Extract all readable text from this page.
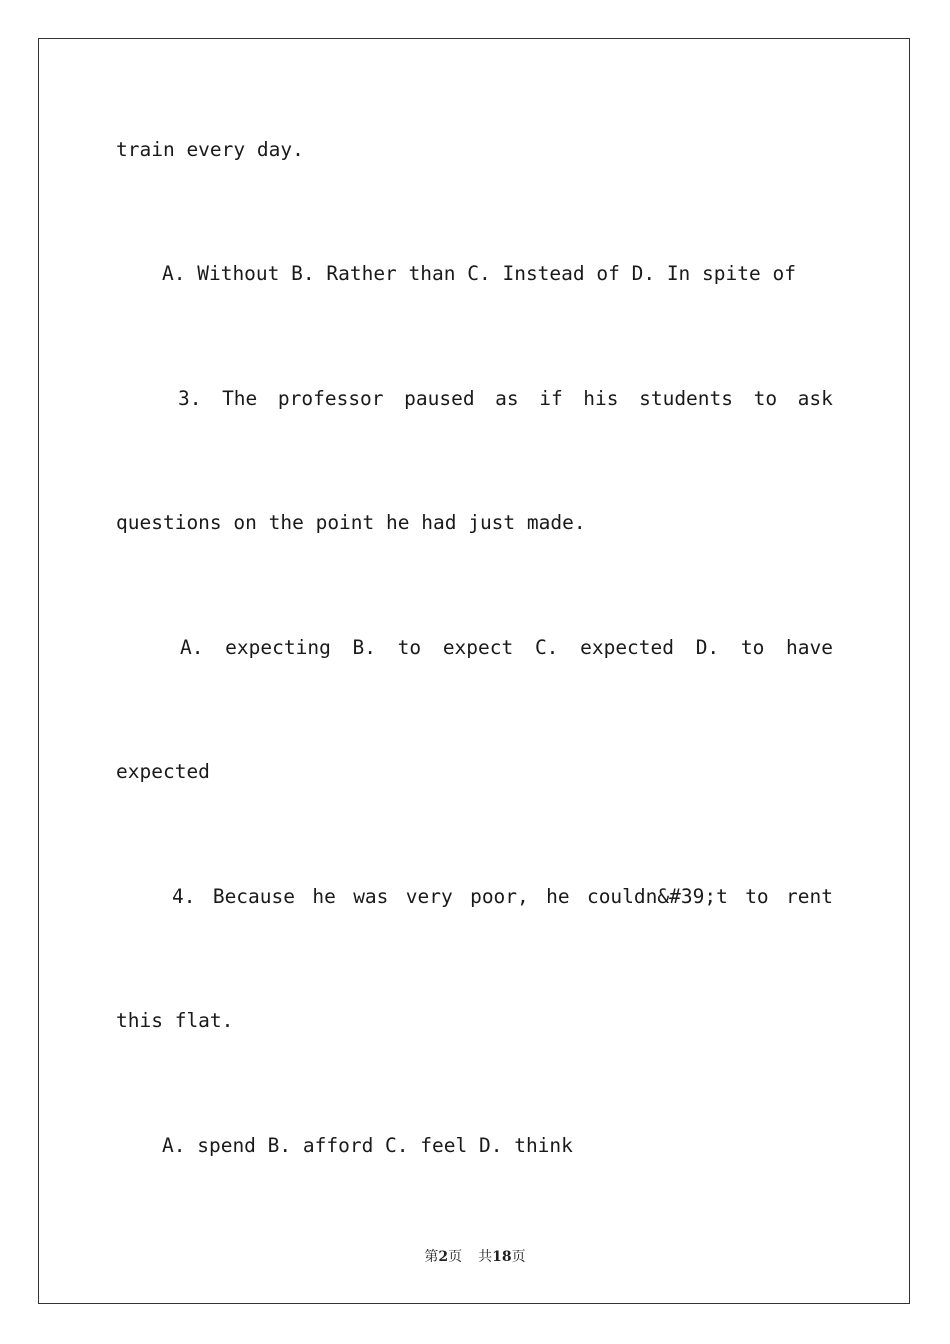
train every day.
A. Without B. Rather than C. Instead of D. In spite of
3. The professor paused as if his students to ask
questions on the point he had just made.
A. expecting B. to expect C. expected D. to have
expected
4. Because he was very poor, he couldn&#39;t to rent
this flat.
A. spend B. afford C. feel D. think
第2页 共18页
